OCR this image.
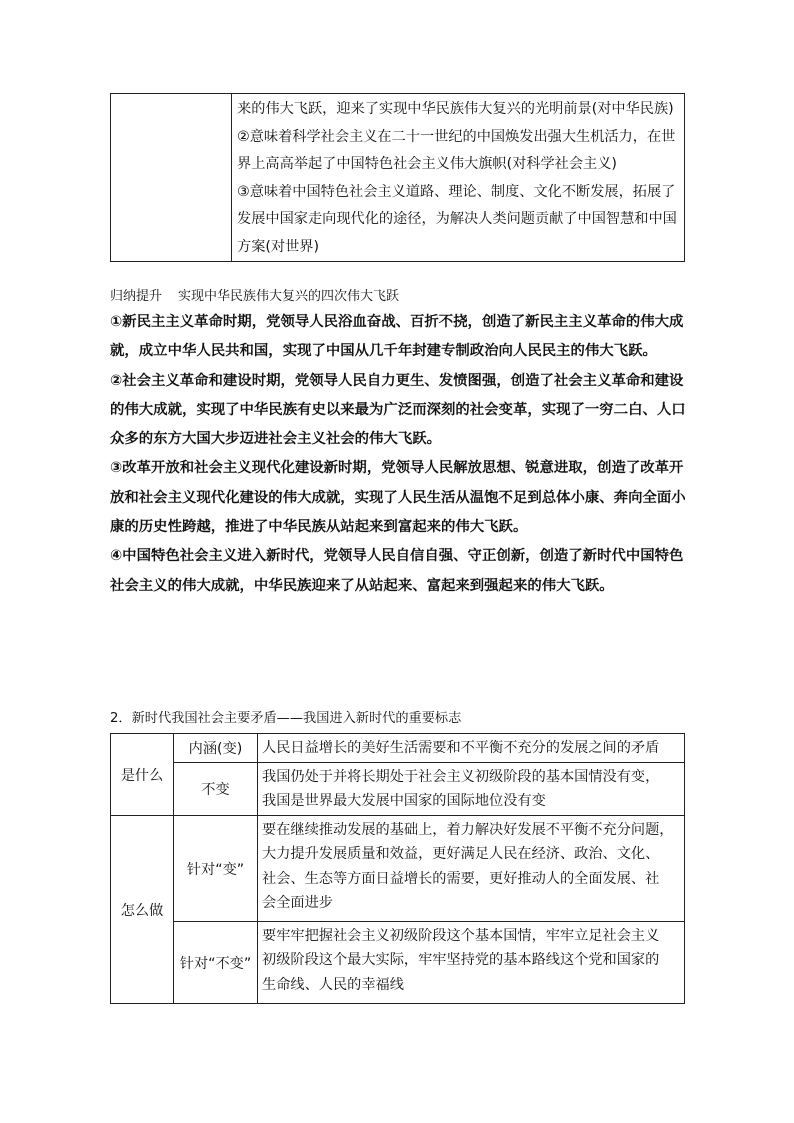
来的伟大飞跃，迎来了实现中华民族伟大复兴的光明前景(对中华民族)
②意味着科学社会主义在二十一世纪的中国焕发出强大生机活力，在世
界上高高举起了中国特色社会主义伟大旗帜(对科学社会主义)
③意味着中国特色社会主义道路、理论、制度、文化不断发展，拓展了
发展中国家走向现代化的途径，为解决人类问题贡献了中国智慧和中国
方案(对世界)
归纳提升 实现中华民族伟大复兴的四次伟大飞跃
①新民主主义革命时期，党领导人民浴血奋战、百折不挠，创造了新民主主义革命的伟大成
就，成立中华人民共和国，实现了中国从几千年封建专制政治向人民民主的伟大飞跃。
②社会主义革命和建设时期，党领导人民自力更生、发愤图强，创造了社会主义革命和建设
的伟大成就，实现了中华民族有史以来最为广泛而深刻的社会变革，实现了一穷二白、人口
众多的东方大国大步迈进社会主义社会的伟大飞跃。
③改革开放和社会主义现代化建设新时期，党领导人民解放思想、锐意进取，创造了改革开
放和社会主义现代化建设的伟大成就，实现了人民生活从温饱不足到总体小康、奔向全面小
康的历史性跨越，推进了中华民族从站起来到富起来的伟大飞跃。
④中国特色社会主义进入新时代，党领导人民自信自强、守正创新，创造了新时代中国特色
社会主义的伟大成就，中华民族迎来了从站起来、富起来到强起来的伟大飞跃。
2．新时代我国社会主要矛盾——我国进入新时代的重要标志
是什么	内涵(变)	人民日益增长的美好生活需要和不平衡不充分的发展之间的矛盾

	不变	我国仍处于并将长期处于社会主义初级阶段的基本国情没有变，
我国是世界最大发展中国家的国际地位没有变

怎么做	针对“变”	要在继续推动发展的基础上，着力解决好发展不平衡不充分问题，
大力提升发展质量和效益，更好满足人民在经济、政治、文化、
社会、生态等方面日益增长的需要，更好推动人的全面发展、社
会全面进步

	针对“不变”	要牢牢把握社会主义初级阶段这个基本国情，牢牢立足社会主义
初级阶段这个最大实际，牢牢坚持党的基本路线这个党和国家的
生命线、人民的幸福线
